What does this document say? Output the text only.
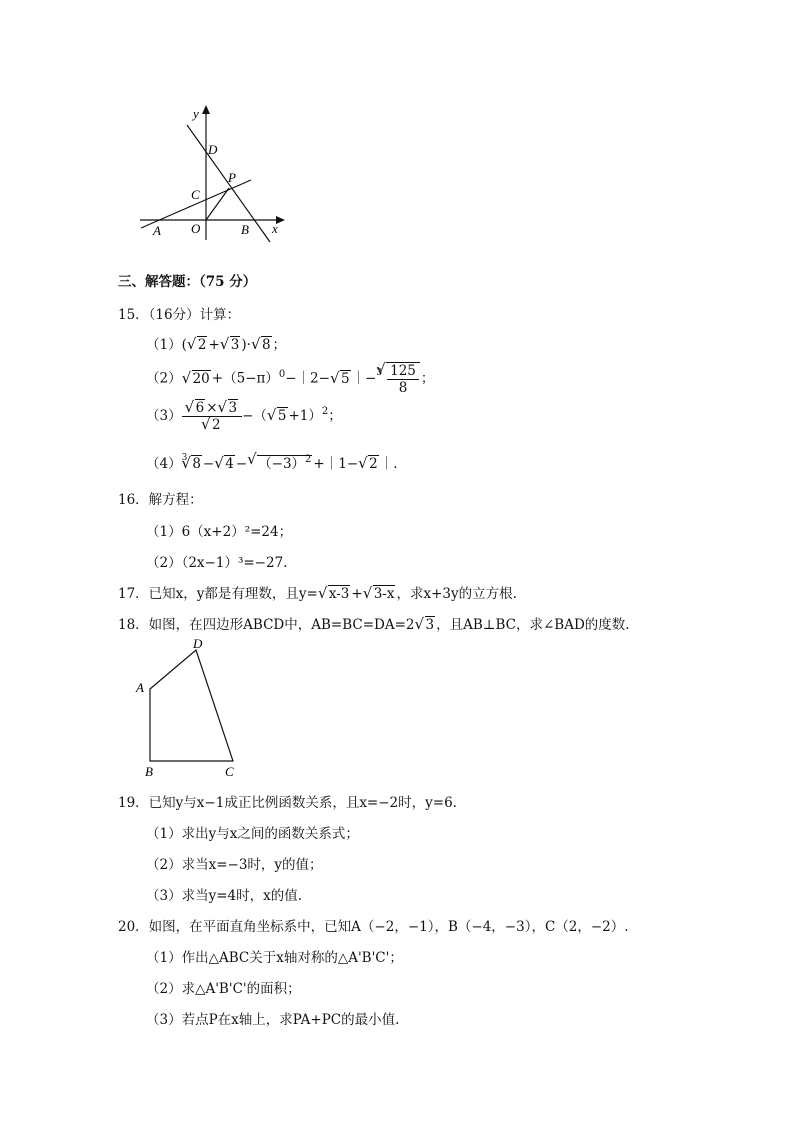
y
x
D
P
C
O
A	B
三、解答题：（75 分）
15．（16分）计算：
（1）(√ 2 +√ 3 )·√ 8 ；
（2）√ $20 +(5-\pi)^0-|2-√$ 5 ｜−$^3$
√ $\frac{125}{8}$ ；
（3）
√ 6 ×√ 3
√ 2 −（√ 5 +1）$^2$；
$(4)^3√$ 8 −√ 4 −√ $(-3)^2$ +｜1−√ 2 ｜.
16．解方程：
（1）6（x+2）²=24；
（2）（2x−1）³=−27.
17．已知x，y都是有理数，且y=√ x-3 +√ 3-x ，求x+3y的立方根.
18．如图，在四边形ABCD中，AB=BC=DA=2√ 3 ，且AB⊥BC，求∠BAD的度数.
D
A
B	C
19．已知y与x−1成正比例函数关系，且x=−2时，y=6.
（1）求出y与x之间的函数关系式；
（2）求当x=−3时，y的值；
（3）求当y=4时，x的值.
20．如图，在平面直角坐标系中，已知A（−2，−1），B（−4，−3），C（2，−2）.
（1）作出△ABC关于x轴对称的△A'B'C'；
（2）求△A'B'C'的面积；
（3）若点P在x轴上，求PA+PC的最小值.
